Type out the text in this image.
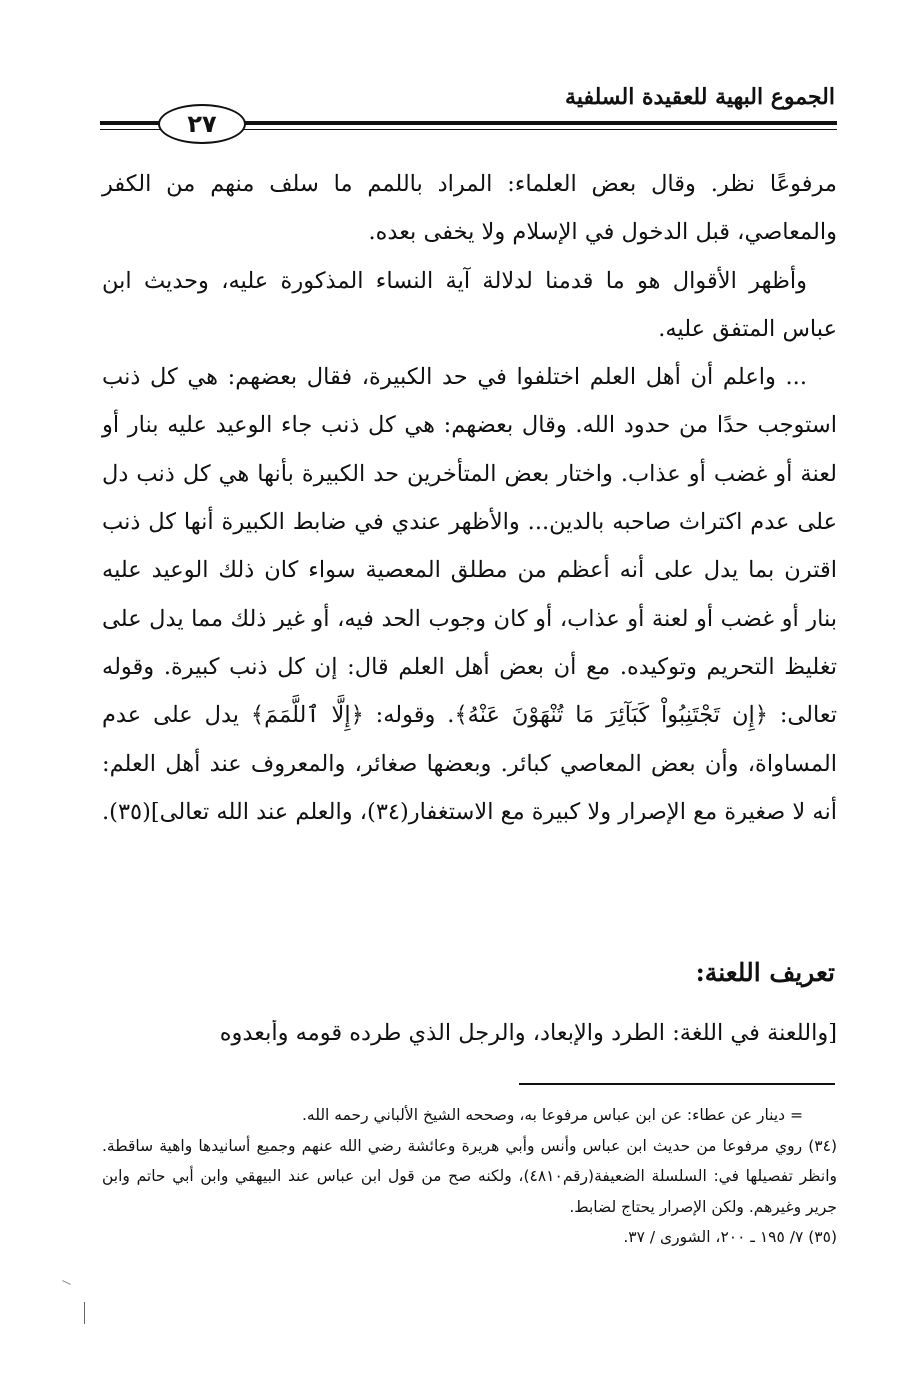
الجموع البهية للعقيدة السلفية
٢٧

مرفوعًا نظر. وقال بعض العلماء: المراد باللمم ما سلف منهم من الكفر والمعاصي، قبل الدخول في الإسلام ولا يخفى بعده.

وأظهر الأقوال هو ما قدمنا لدلالة آية النساء المذكورة عليه، وحديث ابن عباس المتفق عليه.

... واعلم أن أهل العلم اختلفوا في حد الكبيرة، فقال بعضهم: هي كل ذنب استوجب حدًا من حدود الله. وقال بعضهم: هي كل ذنب جاء الوعيد عليه بنار أو لعنة أو غضب أو عذاب. واختار بعض المتأخرين حد الكبيرة بأنها هي كل ذنب دل على عدم اكتراث صاحبه بالدين... والأظهر عندي في ضابط الكبيرة أنها كل ذنب اقترن بما يدل على أنه أعظم من مطلق المعصية سواء كان ذلك الوعيد عليه بنار أو غضب أو لعنة أو عذاب، أو كان وجوب الحد فيه، أو غير ذلك مما يدل على تغليظ التحريم وتوكيده. مع أن بعض أهل العلم قال: إن كل ذنب كبيرة. وقوله تعالى: ﴿إِن تَجْتَنِبُواْ كَبَآئِرَ مَا تُنْهَوْنَ عَنْهُ﴾. وقوله: ﴿إِلَّا ٱللَّمَمَ﴾ يدل على عدم المساواة، وأن بعض المعاصي كبائر. وبعضها صغائر، والمعروف عند أهل العلم: أنه لا صغيرة مع الإصرار ولا كبيرة مع الاستغفار(٣٤)، والعلم عند الله تعالى](٣٥).

تعريف اللعنة:
[واللعنة في اللغة: الطرد والإبعاد، والرجل الذي طرده قومه وأبعدوه

= دينار عن عطاء: عن ابن عباس مرفوعا به، وصححه الشيخ الألباني رحمه الله.

(٣٤) روي مرفوعا من حديث ابن عباس وأنس وأبي هريرة وعائشة رضي الله عنهم وجميع أسانيدها واهية ساقطة. وانظر تفصيلها في: السلسلة الضعيفة(رقم٤٨١٠)، ولكنه صح من قول ابن عباس عند البيهقي وابن أبي حاتم وابن جرير وغيرهم. ولكن الإصرار يحتاج لضابط.

(٣٥) ٧/ ١٩٥ ـ ٢٠٠، الشورى / ٣٧.
